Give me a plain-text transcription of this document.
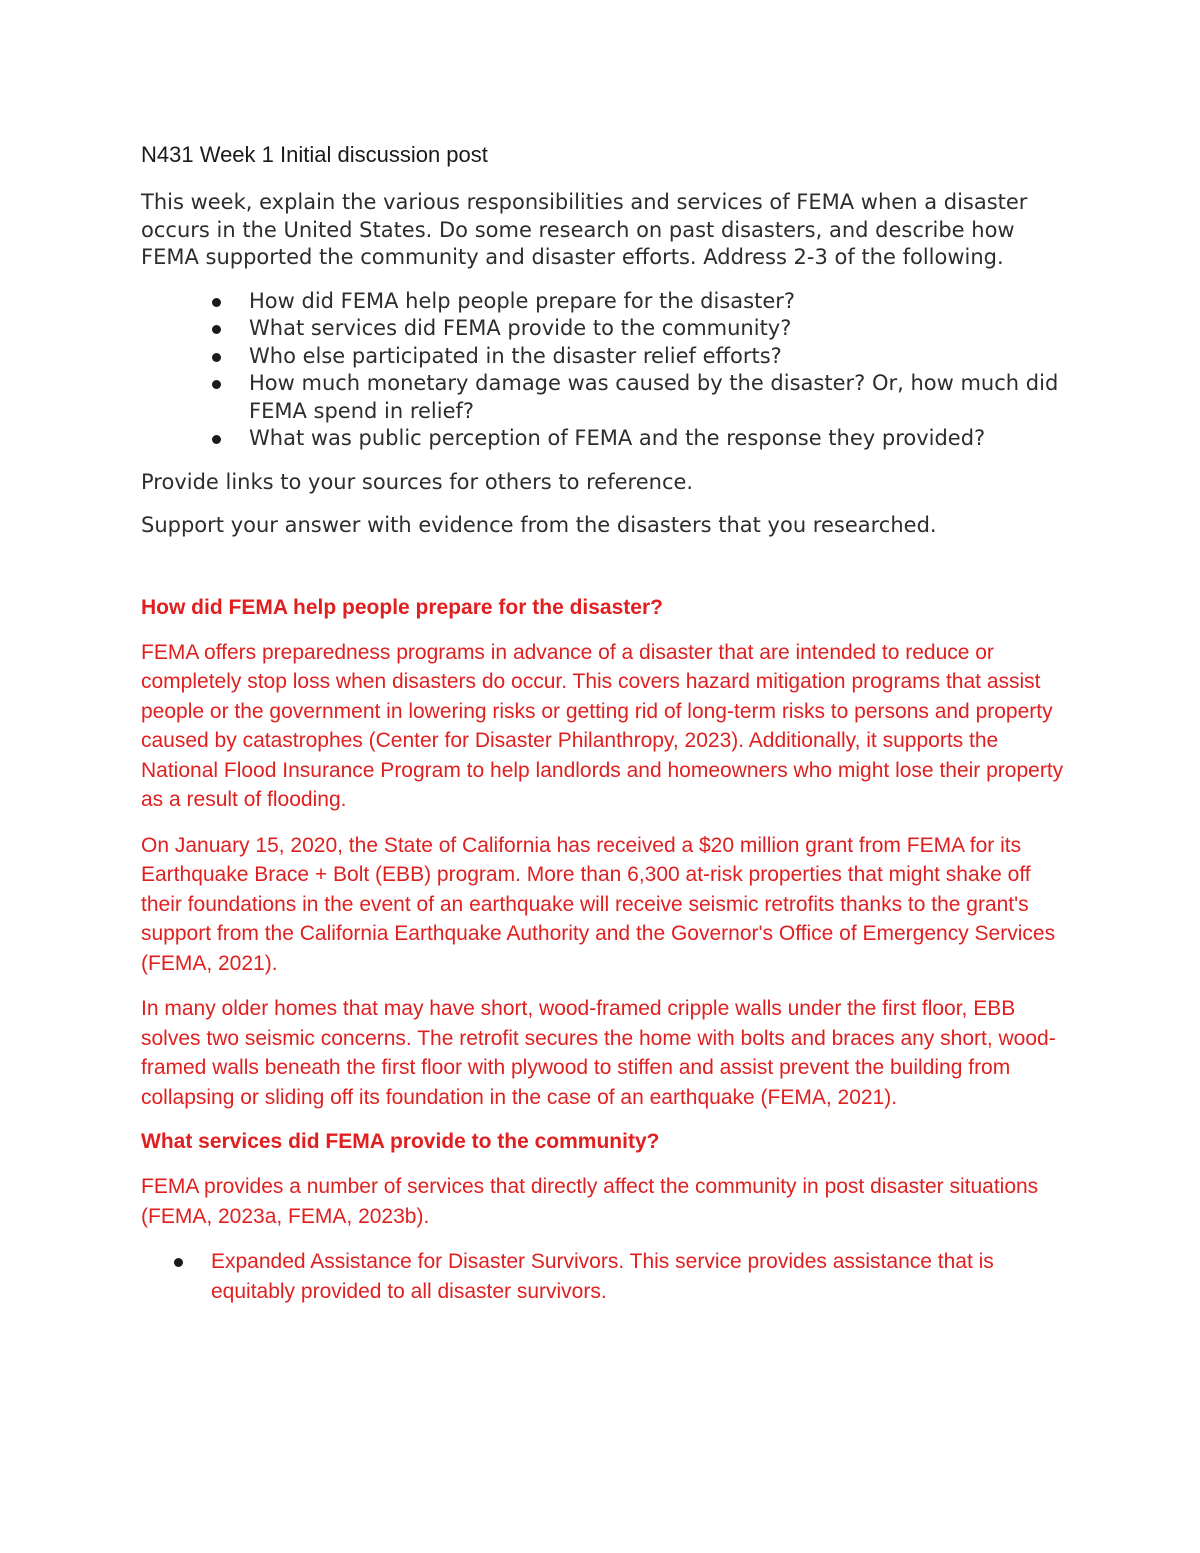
N431 Week 1 Initial discussion post

This week, explain the various responsibilities and services of FEMA when a disaster occurs in the United States. Do some research on past disasters, and describe how FEMA supported the community and disaster efforts. Address 2-3 of the following.

How did FEMA help people prepare for the disaster?
What services did FEMA provide to the community?
Who else participated in the disaster relief efforts?
How much monetary damage was caused by the disaster? Or, how much did FEMA spend in relief?
What was public perception of FEMA and the response they provided?

Provide links to your sources for others to reference.

Support your answer with evidence from the disasters that you researched.

How did FEMA help people prepare for the disaster?

FEMA offers preparedness programs in advance of a disaster that are intended to reduce or completely stop loss when disasters do occur. This covers hazard mitigation programs that assist people or the government in lowering risks or getting rid of long-term risks to persons and property caused by catastrophes (Center for Disaster Philanthropy, 2023). Additionally, it supports the National Flood Insurance Program to help landlords and homeowners who might lose their property as a result of flooding.

On January 15, 2020, the State of California has received a $20 million grant from FEMA for its Earthquake Brace + Bolt (EBB) program. More than 6,300 at-risk properties that might shake off their foundations in the event of an earthquake will receive seismic retrofits thanks to the grant's support from the California Earthquake Authority and the Governor's Office of Emergency Services (FEMA, 2021).

In many older homes that may have short, wood-framed cripple walls under the first floor, EBB solves two seismic concerns. The retrofit secures the home with bolts and braces any short, wood-framed walls beneath the first floor with plywood to stiffen and assist prevent the building from collapsing or sliding off its foundation in the case of an earthquake (FEMA, 2021).

What services did FEMA provide to the community?

FEMA provides a number of services that directly affect the community in post disaster situations (FEMA, 2023a, FEMA, 2023b).

Expanded Assistance for Disaster Survivors. This service provides assistance that is equitably provided to all disaster survivors.
